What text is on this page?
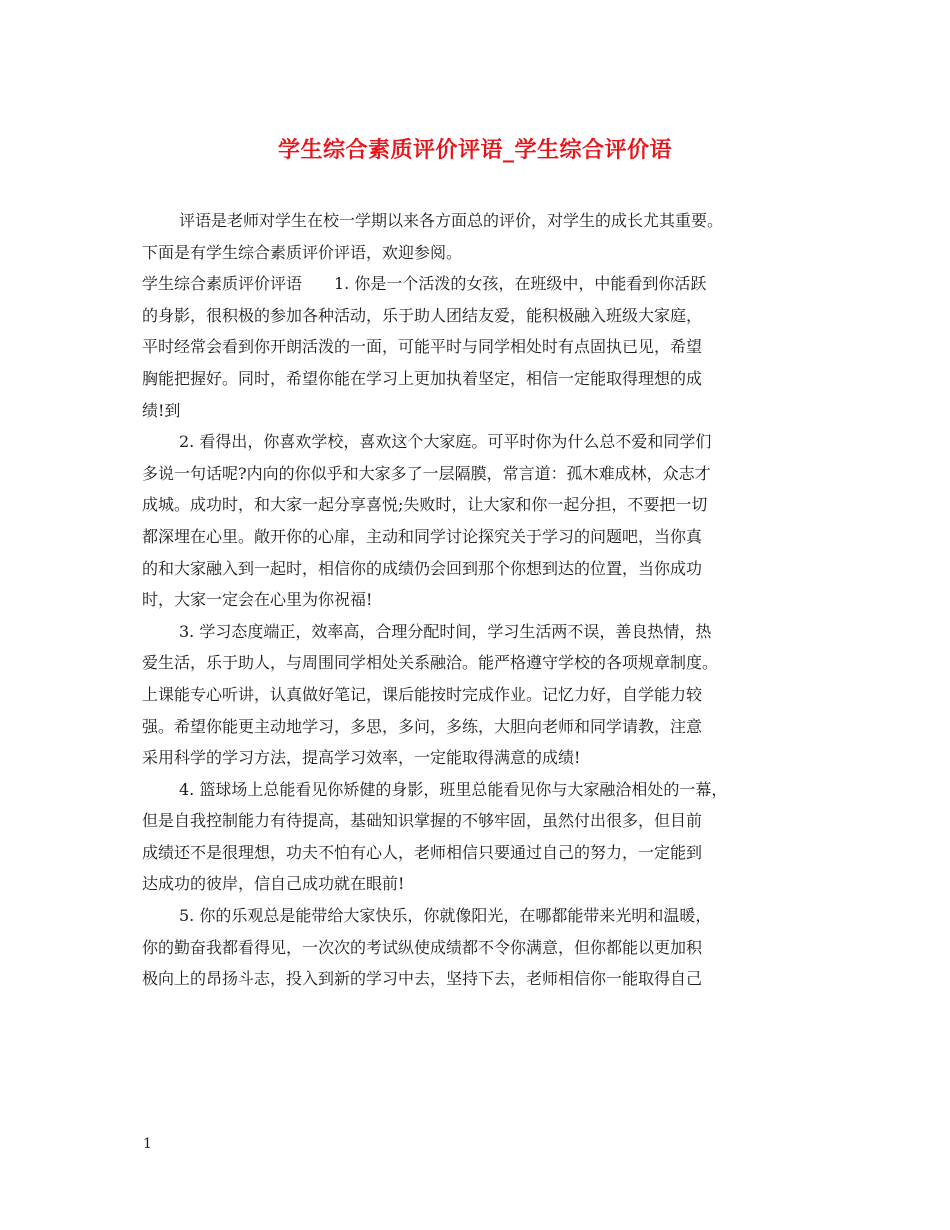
学生综合素质评价评语_学生综合评价语
评语是老师对学生在校一学期以来各方面总的评价，对学生的成长尤其重要。
下面是有学生综合素质评价评语，欢迎参阅。
学生综合素质评价评语　　1. 你是一个活泼的女孩，在班级中，中能看到你活跃
的身影，很积极的参加各种活动，乐于助人团结友爱，能积极融入班级大家庭，
平时经常会看到你开朗活泼的一面，可能平时与同学相处时有点固执已见，希望
胸能把握好。同时，希望你能在学习上更加执着坚定，相信一定能取得理想的成
绩!到
2. 看得出，你喜欢学校，喜欢这个大家庭。可平时你为什么总不爱和同学们
多说一句话呢?内向的你似乎和大家多了一层隔膜，常言道：孤木难成林，众志才
成城。成功时，和大家一起分享喜悦;失败时，让大家和你一起分担，不要把一切
都深埋在心里。敞开你的心扉，主动和同学讨论探究关于学习的问题吧，当你真
的和大家融入到一起时，相信你的成绩仍会回到那个你想到达的位置，当你成功
时，大家一定会在心里为你祝福!
3. 学习态度端正，效率高，合理分配时间，学习生活两不误，善良热情，热
爱生活，乐于助人，与周围同学相处关系融洽。能严格遵守学校的各项规章制度。
上课能专心听讲，认真做好笔记，课后能按时完成作业。记忆力好，自学能力较
强。希望你能更主动地学习，多思，多问，多练，大胆向老师和同学请教，注意
采用科学的学习方法，提高学习效率，一定能取得满意的成绩!
4. 篮球场上总能看见你矫健的身影，班里总能看见你与大家融洽相处的一幕，
但是自我控制能力有待提高，基础知识掌握的不够牢固，虽然付出很多，但目前
成绩还不是很理想，功夫不怕有心人，老师相信只要通过自己的努力，一定能到
达成功的彼岸，信自己成功就在眼前!
5. 你的乐观总是能带给大家快乐，你就像阳光，在哪都能带来光明和温暖，
你的勤奋我都看得见，一次次的考试纵使成绩都不令你满意，但你都能以更加积
极向上的昂扬斗志，投入到新的学习中去，坚持下去，老师相信你一能取得自己
1
